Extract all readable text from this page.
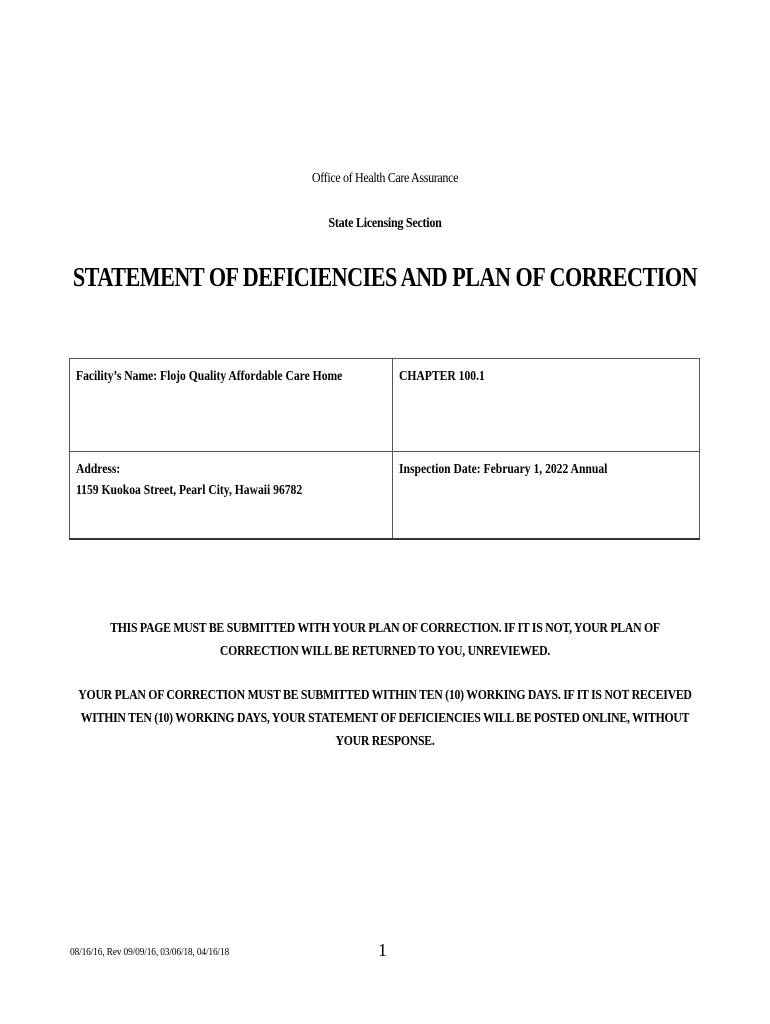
Office of Health Care Assurance
State Licensing Section
STATEMENT OF DEFICIENCIES AND PLAN OF CORRECTION
Facility’s Name: Flojo Quality Affordable Care Home	CHAPTER 100.1
Address:
1159 Kuokoa Street, Pearl City, Hawaii 96782	Inspection Date: February 1, 2022 Annual
THIS PAGE MUST BE SUBMITTED WITH YOUR PLAN OF CORRECTION. IF IT IS NOT, YOUR PLAN OF CORRECTION WILL BE RETURNED TO YOU, UNREVIEWED.
YOUR PLAN OF CORRECTION MUST BE SUBMITTED WITHIN TEN (10) WORKING DAYS. IF IT IS NOT RECEIVED WITHIN TEN (10) WORKING DAYS, YOUR STATEMENT OF DEFICIENCIES WILL BE POSTED ONLINE, WITHOUT YOUR RESPONSE.
08/16/16, Rev 09/09/16, 03/06/18, 04/16/18	1
